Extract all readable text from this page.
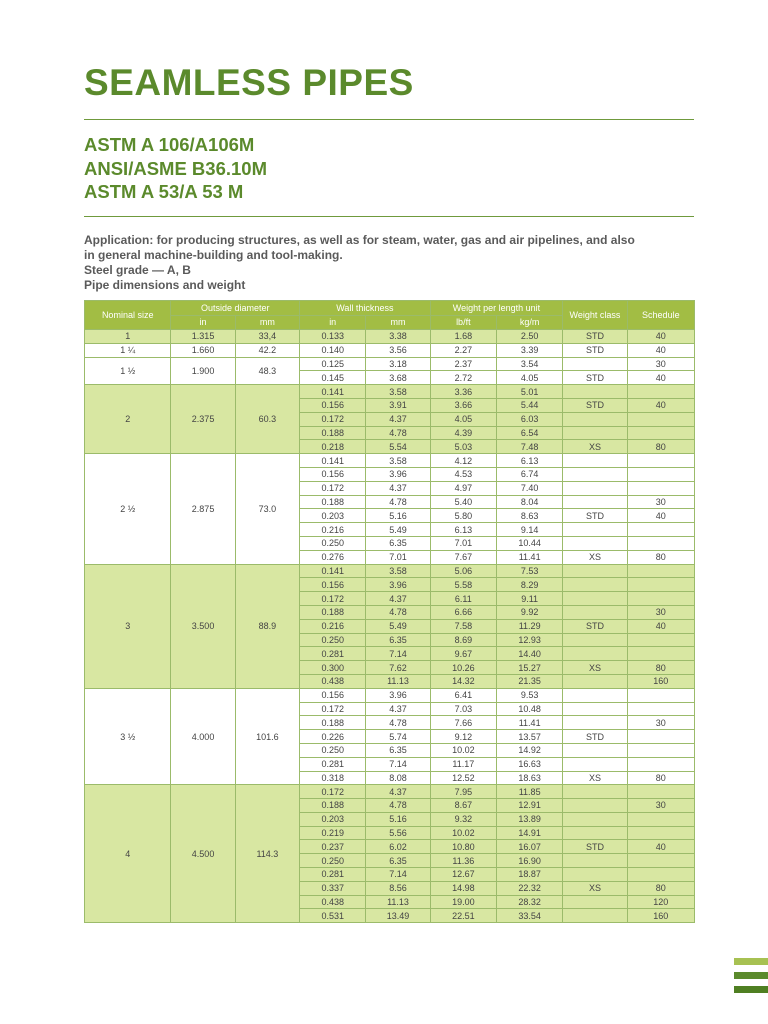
SEAMLESS PIPES
ASTM A 106/A106M
ANSI/ASME B36.10M
ASTM A 53/A 53 M
Application: for producing structures, as well as for steam, water, gas and air pipelines, and also
in general machine-building and tool-making.
Steel grade — A, B
Pipe dimensions and weight
Nominal size	Outside diameter		Wall thickness		Weight per length unit		Weight class	Schedule
	in	mm	in	mm	lb/ft	kg/m		
1	1.315	33,4	0.133	3.38	1.68	2.50	STD	40
1 ¼	1.660	42.2	0.140	3.56	2.27	3.39	STD	40
1 ½	1.900	48.3	0.125	3.18	2.37	3.54		30
			0.145	3.68	2.72	4.05	STD	40
2	2.375	60.3	0.141	3.58	3.36	5.01		
			0.156	3.91	3.66	5.44	STD	40
			0.172	4.37	4.05	6.03		
			0.188	4.78	4.39	6.54		
			0.218	5.54	5.03	7.48	XS	80
2 ½	2.875	73.0	0.141	3.58	4.12	6.13		
			0.156	3.96	4.53	6.74		
			0.172	4.37	4.97	7.40		
			0.188	4.78	5.40	8.04		30
			0.203	5.16	5.80	8.63	STD	40
			0.216	5.49	6.13	9.14		
			0.250	6.35	7.01	10.44		
			0.276	7.01	7.67	11.41	XS	80
3	3.500	88.9	0.141	3.58	5.06	7.53		
			0.156	3.96	5.58	8.29		
			0.172	4.37	6.11	9.11		
			0.188	4.78	6.66	9.92		30
			0.216	5.49	7.58	11.29	STD	40
			0.250	6.35	8.69	12.93		
			0.281	7.14	9.67	14.40		
			0.300	7.62	10.26	15.27	XS	80
			0.438	11.13	14.32	21.35		160
3 ½	4.000	101.6	0.156	3.96	6.41	9.53		
			0.172	4.37	7.03	10.48		
			0.188	4.78	7.66	11.41		30
			0.226	5.74	9.12	13.57	STD	
			0.250	6.35	10.02	14.92		
			0.281	7.14	11.17	16.63		
			0.318	8.08	12.52	18.63	XS	80
4	4.500	114.3	0.172	4.37	7.95	11.85		
			0.188	4.78	8.67	12.91		30
			0.203	5.16	9.32	13.89		
			0.219	5.56	10.02	14.91		
			0.237	6.02	10.80	16.07	STD	40
			0.250	6.35	11.36	16.90		
			0.281	7.14	12.67	18.87		
			0.337	8.56	14.98	22.32	XS	80
			0.438	11.13	19.00	28.32		120
			0.531	13.49	22.51	33.54		160
